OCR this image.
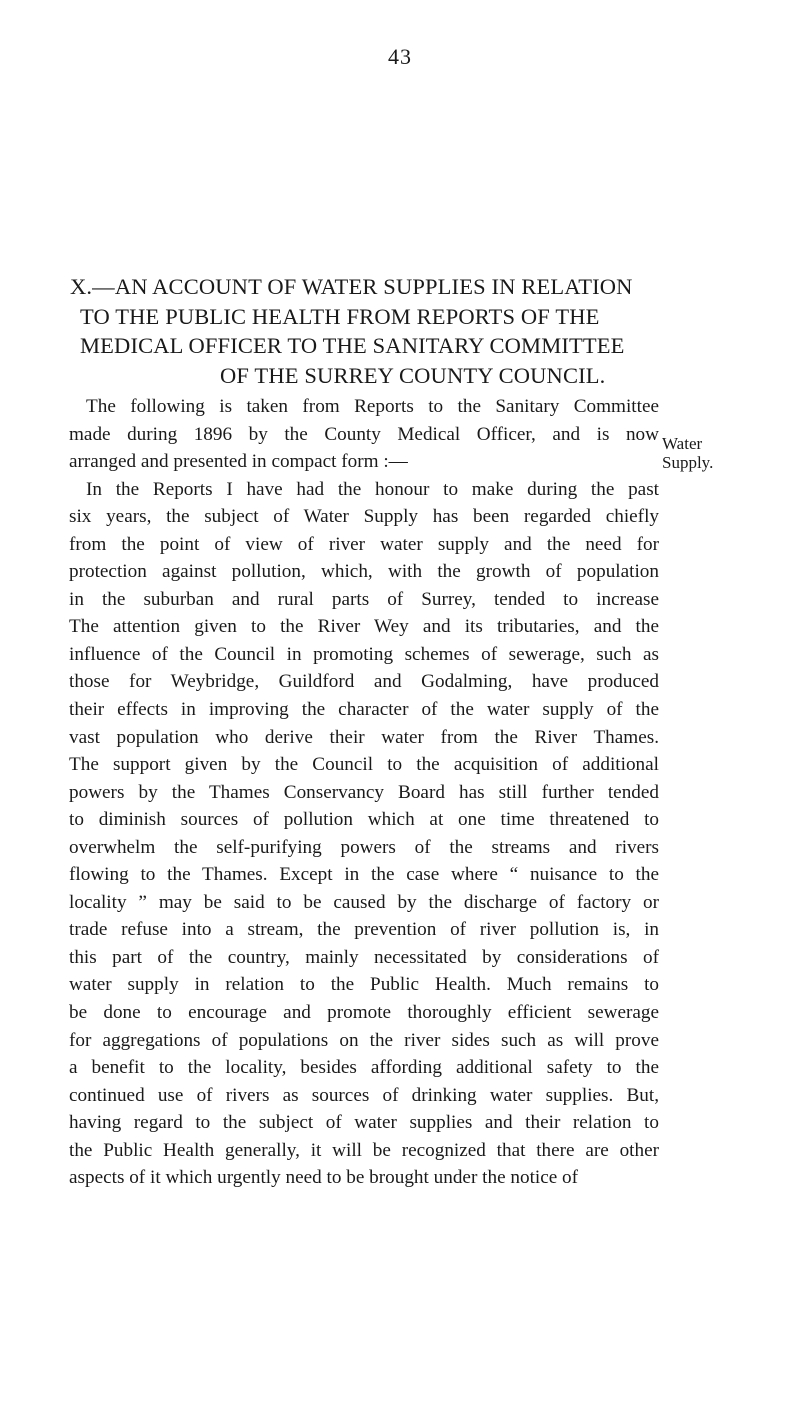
43
X.—AN ACCOUNT OF WATER SUPPLIES IN RELATION
TO THE PUBLIC HEALTH FROM REPORTS OF THE
MEDICAL OFFICER TO THE SANITARY COMMITTEE
OF THE SURREY COUNTY COUNCIL.
The following is taken from Reports to the Sanitary Committee
made during 1896 by the County Medical Officer, and is now
arranged and presented in compact form :—
In the Reports I have had the honour to make during the past
six years, the subject of Water Supply has been regarded chiefly
from the point of view of river water supply and the need for
protection against pollution, which, with the growth of population
in the suburban and rural parts of Surrey, tended to increase
The attention given to the River Wey and its tributaries, and the
influence of the Council in promoting schemes of sewerage, such as
those for Weybridge, Guildford and Godalming, have produced
their effects in improving the character of the water supply of the
vast population who derive their water from the River Thames.
The support given by the Council to the acquisition of additional
powers by the Thames Conservancy Board has still further tended
to diminish sources of pollution which at one time threatened to
overwhelm the self-purifying powers of the streams and rivers
flowing to the Thames. Except in the case where “ nuisance to the
locality ” may be said to be caused by the discharge of factory or
trade refuse into a stream, the prevention of river pollution is, in
this part of the country, mainly necessitated by considerations of
water supply in relation to the Public Health. Much remains to
be done to encourage and promote thoroughly efficient sewerage
for aggregations of populations on the river sides such as will prove
a benefit to the locality, besides affording additional safety to the
continued use of rivers as sources of drinking water supplies. But,
having regard to the subject of water supplies and their relation to
the Public Health generally, it will be recognized that there are other
aspects of it which urgently need to be brought under the notice of
Water
Supply.
